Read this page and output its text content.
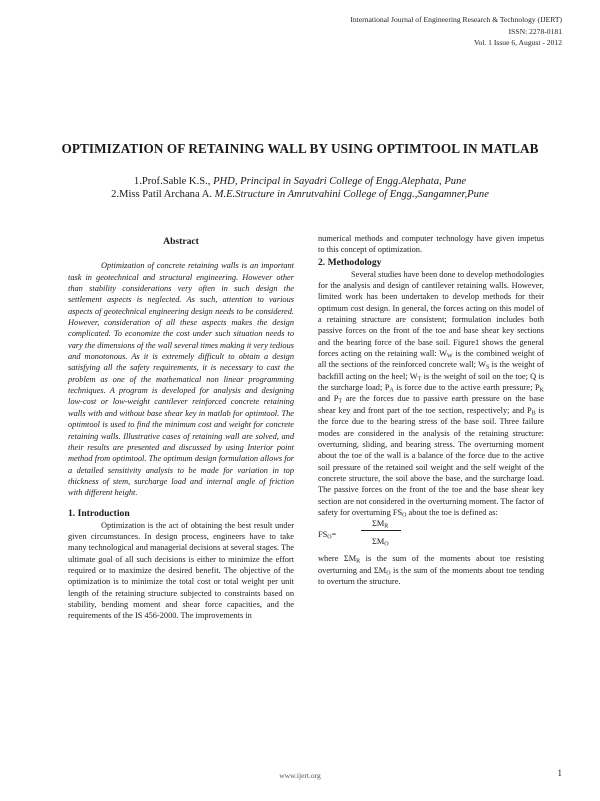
International Journal of Engineering Research & Technology (IJERT)
ISSN: 2278-0181
Vol. 1 Issue 6, August - 2012
OPTIMIZATION OF RETAINING WALL BY USING OPTIMTOOL IN MATLAB
1.Prof.Sable K.S., PHD, Principal in Sayadri College of Engg.Alephata, Pune
2.Miss Patil Archana A. M.E.Structure in Amrutvahini College of Engg.,Sangamner,Pune
Abstract

Optimization of concrete retaining walls is an important task in geotechnical and structural engineering. However other than stability considerations very often in such design the settlement aspects is neglected. As such, attention to various aspects of geotechnical engineering design needs to be considered. However, consideration of all these aspects makes the design complicated. To economize the cost under such situation needs to vary the dimensions of the wall several times making it very tedious and monotonous. As it is extremely difficult to obtain a design satisfying all the safety requirements, it is necessary to cast the problem as one of the mathematical non linear programming techniques. A program is developed for analysis and designing low-cost or low-weight cantilever reinforced concrete retaining walls with and without base shear key in matlab for optimtool. The optimtool is used to find the minimum cost and weight for concrete retaining walls. Illustrative cases of retaining wall are solved, and their results are presented and discussed by using Interior point method from optimtool. The optimum design formulation allows for a detailed sensitivity analysis to be made for variation in top thickness of stem, surcharge load and internal angle of friction with different height.

1. Introduction

Optimization is the act of obtaining the best result under given circumstances. In design process, engineers have to take many technological and managerial decisions at several stages. The ultimate goal of all such decisions is either to minimize the effort required or to maximize the desired benefit. The objective of the optimization is to minimize the total cost or total weight per unit length of the retaining structure subjected to constraints based on stability, bending moment and shear force capacities, and the requirements of the IS 456-2000. The improvements in

numerical methods and computer technology have given impetus to this concept of optimization.

2. Methodology

Several studies have been done to develop methodologies for the analysis and design of cantilever retaining walls. However, limited work has been undertaken to develop methods for their optimum cost design. In general, the forces acting on this model of a retaining structure are consistent; formulation includes both passive forces on the front of the toe and base shear key sections and the bearing force of the base soil. Figure1 shows the general forces acting on the retaining wall: $W_W$ is the combined weight of all the sections of the reinforced concrete wall; $W_S$ is the weight of backfill acting on the heel; $W_T$ is the weight of soil on the toe; Q is the surcharge load; $P_A$ is force due to the active earth pressure; $P_K$ and $P_T$ are the forces due to passive earth pressure on the base shear key and front part of the toe section, respectively; and $P_B$ is the force due to the bearing stress of the base soil. Three failure modes are considered in the analysis of the retaining structure: overturning, sliding, and bearing stress. The overturning moment about the toe of the wall is a balance of the force due to the active soil pressure of the retained soil weight and the self weight of the concrete structure, the soil above the base, and the surcharge load. The passive forces on the front of the toe and the base shear key section are not considered in the overturning moment. The factor of safety for overturning $FS_O$ about the toe is defined as:

$FS_O=$
$\Sigma M_R$
$\Sigma M_O$

where $\Sigma M_R$ is the sum of the moments about toe resisting overturning and $\Sigma M_O$ is the sum of the moments about toe tending to overturn the structure.

www.ijert.org	1
